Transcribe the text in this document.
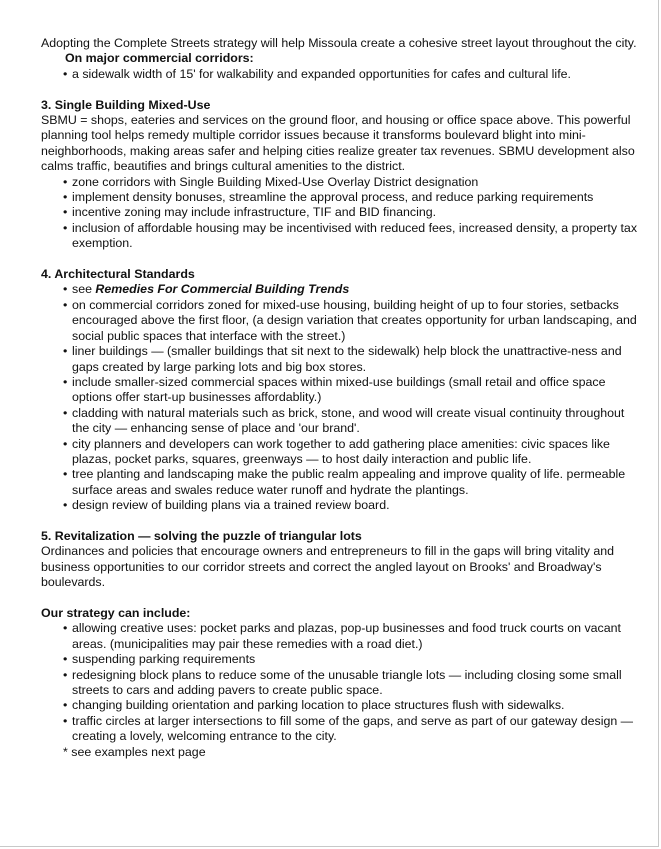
Adopting the Complete Streets strategy will help Missoula create a cohesive street layout throughout the city.

On major commercial corridors:

• a sidewalk width of 15' for walkability and expanded opportunities for cafes and cultural life.
3. Single Building Mixed-Use

SBMU = shops, eateries and services on the ground floor, and housing or office space above. This powerful planning tool helps remedy multiple corridor issues because it transforms boulevard blight into mini-neighborhoods, making areas safer and helping cities realize greater tax revenues. SBMU development also calms traffic, beautifies and brings cultural amenities to the district.

• zone corridors with Single Building Mixed-Use Overlay District designation
• implement density bonuses, streamline the approval process, and reduce parking requirements
• incentive zoning may include infrastructure, TIF and BID financing.
• inclusion of affordable housing may be incentivised with reduced fees, increased density, a property tax exemption.
4. Architectural Standards
• see Remedies For Commercial Building Trends
• on commercial corridors zoned for mixed-use housing, building height of up to four stories, setbacks encouraged above the first floor, (a design variation that creates opportunity for urban landscaping, and social public spaces that interface with the street.)
• liner buildings — (smaller buildings that sit next to the sidewalk) help block the unattractive-ness and gaps created by large parking lots and big box stores.
• include smaller-sized commercial spaces within mixed-use buildings (small retail and office space options offer start-up businesses affordablity.)
• cladding with natural materials such as brick, stone, and wood will create visual continuity throughout the city — enhancing sense of place and 'our brand'.
• city planners and developers can work together to add gathering place amenities: civic spaces like plazas, pocket parks, squares, greenways — to host daily interaction and public life.
• tree planting and landscaping make the public realm appealing and improve quality of life. permeable surface areas and swales reduce water runoff and hydrate the plantings.
• design review of building plans via a trained review board.
5. Revitalization — solving the puzzle of triangular lots

Ordinances and policies that encourage owners and entrepreneurs to fill in the gaps will bring vitality and business opportunities to our corridor streets and correct the angled layout on Brooks' and Broadway's boulevards.

Our strategy can include:
• allowing creative uses: pocket parks and plazas, pop-up businesses and food truck courts on vacant areas. (municipalities may pair these remedies with a road diet.)
• suspending parking requirements
• redesigning block plans to reduce some of the unusable triangle lots — including closing some small streets to cars and adding pavers to create public space.
• changing building orientation and parking location to place structures flush with sidewalks.
• traffic circles at larger intersections to fill some of the gaps, and serve as part of our gateway design — creating a lovely, welcoming entrance to the city.

* see examples next page
